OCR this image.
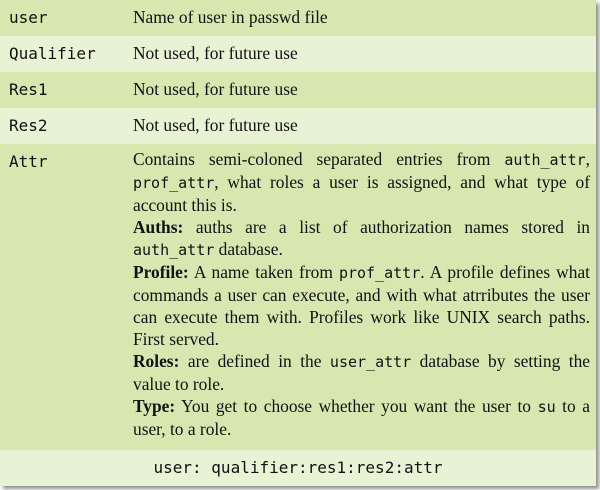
user	Name of user in passwd file
Qualifier Not used, for future use
Res1	Not used, for future use
Res2	Not used, for future use
Attr	Contains semi-coloned separated entries from auth_attr, prof_attr, what roles a user is assigned, and what type of account this is.
Auths: auths are a list of authorization names stored in auth_attr database.
Profile: A name taken from prof_attr. A profile defines what commands a user can execute, and with what atrributes the user can execute them with. Profiles work like UNIX search paths. First served.
Roles: are defined in the user_attr database by setting the value to role.
Type: You get to choose whether you want the user to su to a user, to a role.
user: qualifier:res1:res2:attr
